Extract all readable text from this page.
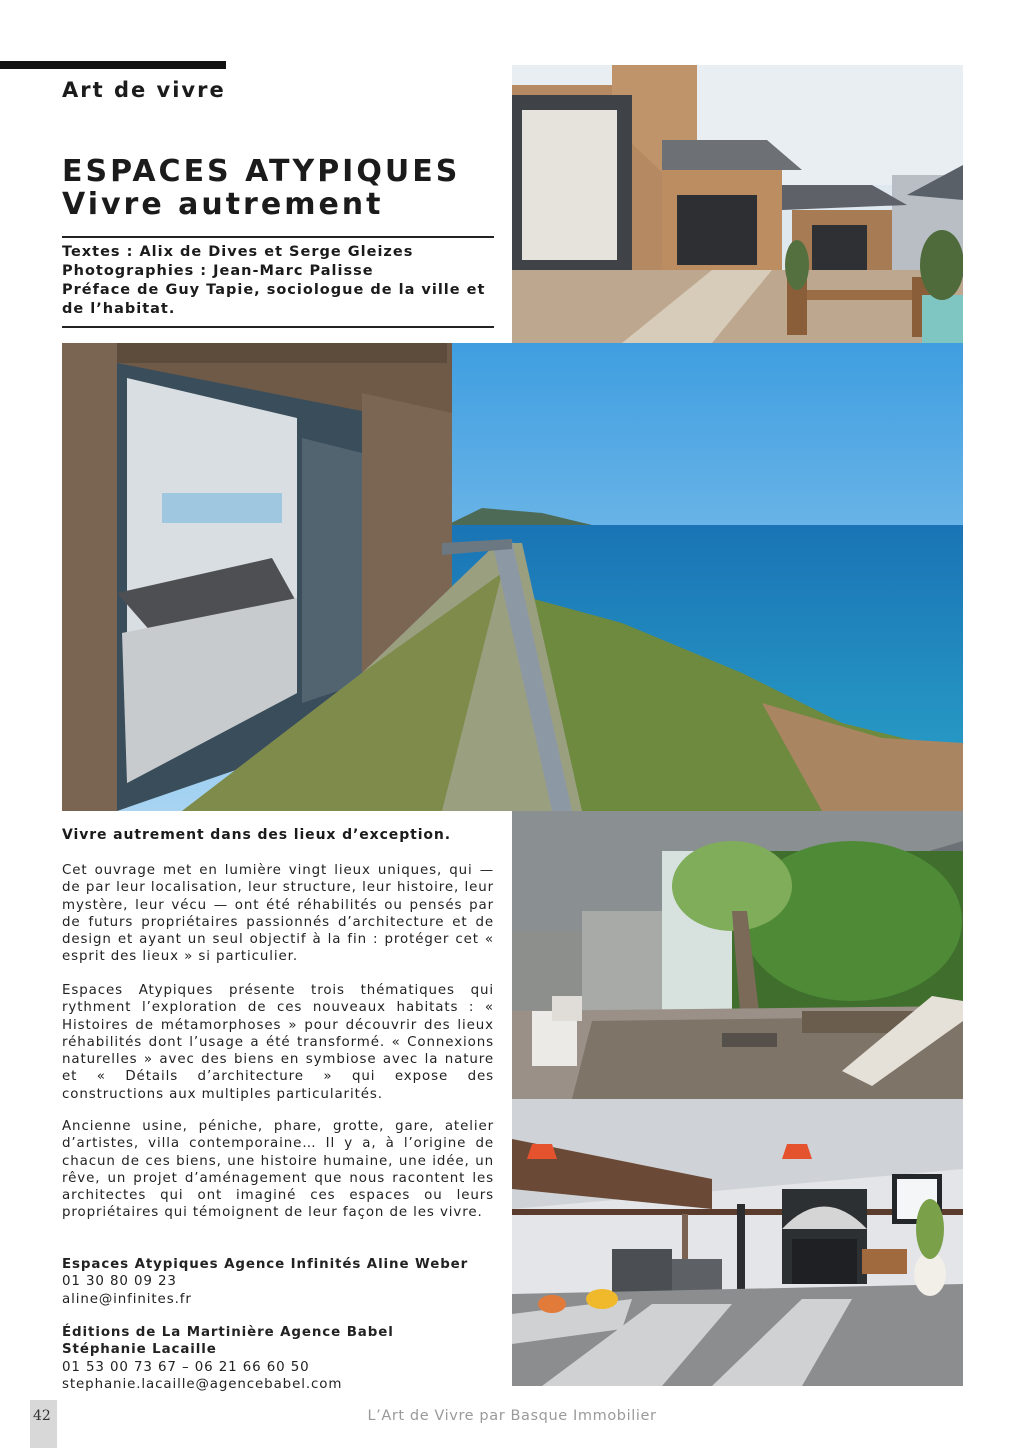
Art de vivre
ESPACES ATYPIQUES
Vivre autrement
Textes : Alix de Dives et Serge Gleizes
Photographies : Jean-Marc Palisse
Préface de Guy Tapie, sociologue de la ville et de l’habitat.
Vivre autrement dans des lieux d’exception.

Cet ouvrage met en lumière vingt lieux uniques, qui — de par leur localisation, leur structure, leur histoire, leur mystère, leur vécu — ont été réhabilités ou pensés par de futurs propriétaires passionnés d’architecture et de design et ayant un seul objectif à la fin : protéger cet « esprit des lieux » si particulier.

Espaces Atypiques présente trois thématiques qui rythment l’exploration de ces nouveaux habitats : « Histoires de métamorphoses » pour découvrir des lieux réhabilités dont l’usage a été transformé. « Connexions naturelles » avec des biens en symbiose avec la nature et « Détails d’architecture » qui expose des constructions aux multiples particularités.

Ancienne usine, péniche, phare, grotte, gare, atelier d’artistes, villa contemporaine… Il y a, à l’origine de chacun de ces biens, une histoire humaine, une idée, un rêve, un projet d’aménagement que nous racontent les architectes qui ont imaginé ces espaces ou leurs propriétaires qui témoignent de leur façon de les vivre.

Espaces Atypiques Agence Infinités Aline Weber
01 30 80 09 23
aline@infinites.fr
Éditions de La Martinière Agence Babel
Stéphanie Lacaille
01 53 00 73 67 – 06 21 66 60 50
stephanie.lacaille@agencebabel.com
42	L’Art de Vivre par Basque Immobilier
